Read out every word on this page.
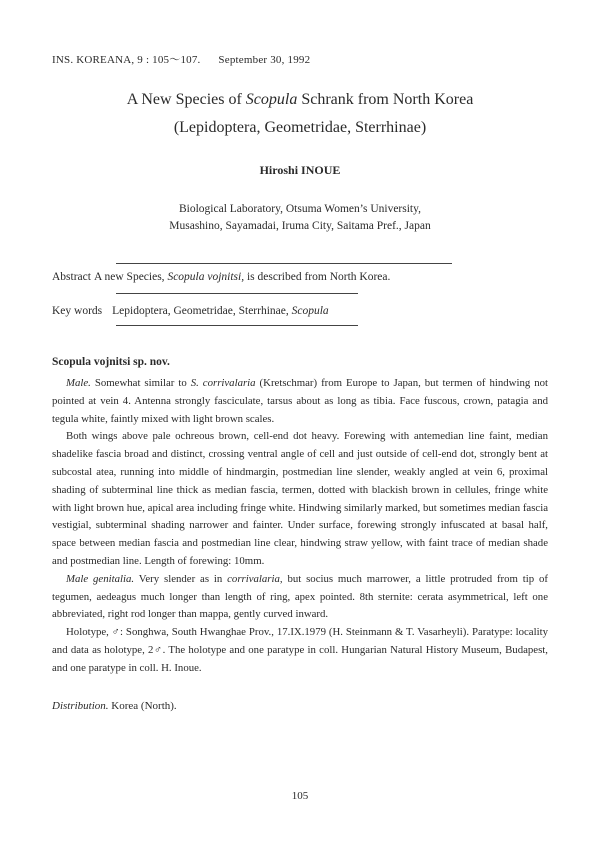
INS. KOREANA, 9 : 105～107. September 30, 1992
A New Species of Scopula Schrank from North Korea
(Lepidoptera, Geometridae, Sterrhinae)
Hiroshi INOUE
Biological Laboratory, Otsuma Women’s University,
Musashino, Sayamadai, Iruma City, Saitama Pref., Japan
Abstract A new Species, Scopula vojnitsi, is described from North Korea.
Key words Lepidoptera, Geometridae, Sterrhinae, Scopula
Scopula vojnitsi sp. nov.

Male. Somewhat similar to S. corrivalaria (Kretschmar) from Europe to Japan, but termen of hindwing not pointed at vein 4. Antenna strongly fasciculate, tarsus about as long as tibia. Face fuscous, crown, patagia and tegula white, faintly mixed with light brown scales.

Both wings above pale ochreous brown, cell-end dot heavy. Forewing with antemedian line faint, median shadelike fascia broad and distinct, crossing ventral angle of cell and just outside of cell-end dot, strongly bent at subcostal atea, running into middle of hindmargin, postmedian line slender, weakly angled at vein 6, proximal shading of subterminal line thick as median fascia, termen, dotted with blackish brown in cellules, fringe white with light brown hue, apical area including fringe white. Hindwing similarly marked, but sometimes median fascia vestigial, subterminal shading narrower and fainter. Under surface, forewing strongly infuscated at basal half, space between median fascia and postmedian line clear, hindwing straw yellow, with faint trace of median shade and postmedian line. Length of forewing: 10mm.

Male genitalia. Very slender as in corrivalaria, but socius much marrower, a little protruded from tip of tegumen, aedeagus much longer than length of ring, apex pointed. 8th sternite: cerata asymmetrical, left one abbreviated, right rod longer than mappa, gently curved inward.

Holotype, ♂: Songhwa, South Hwanghae Prov., 17.IX.1979 (H. Steinmann & T. Vasarheyli). Paratype: locality and data as holotype, 2♂. The holotype and one paratype in coll. Hungarian Natural History Museum, Budapest, and one paratype in coll. H. Inoue.

Distribution. Korea (North).
105
